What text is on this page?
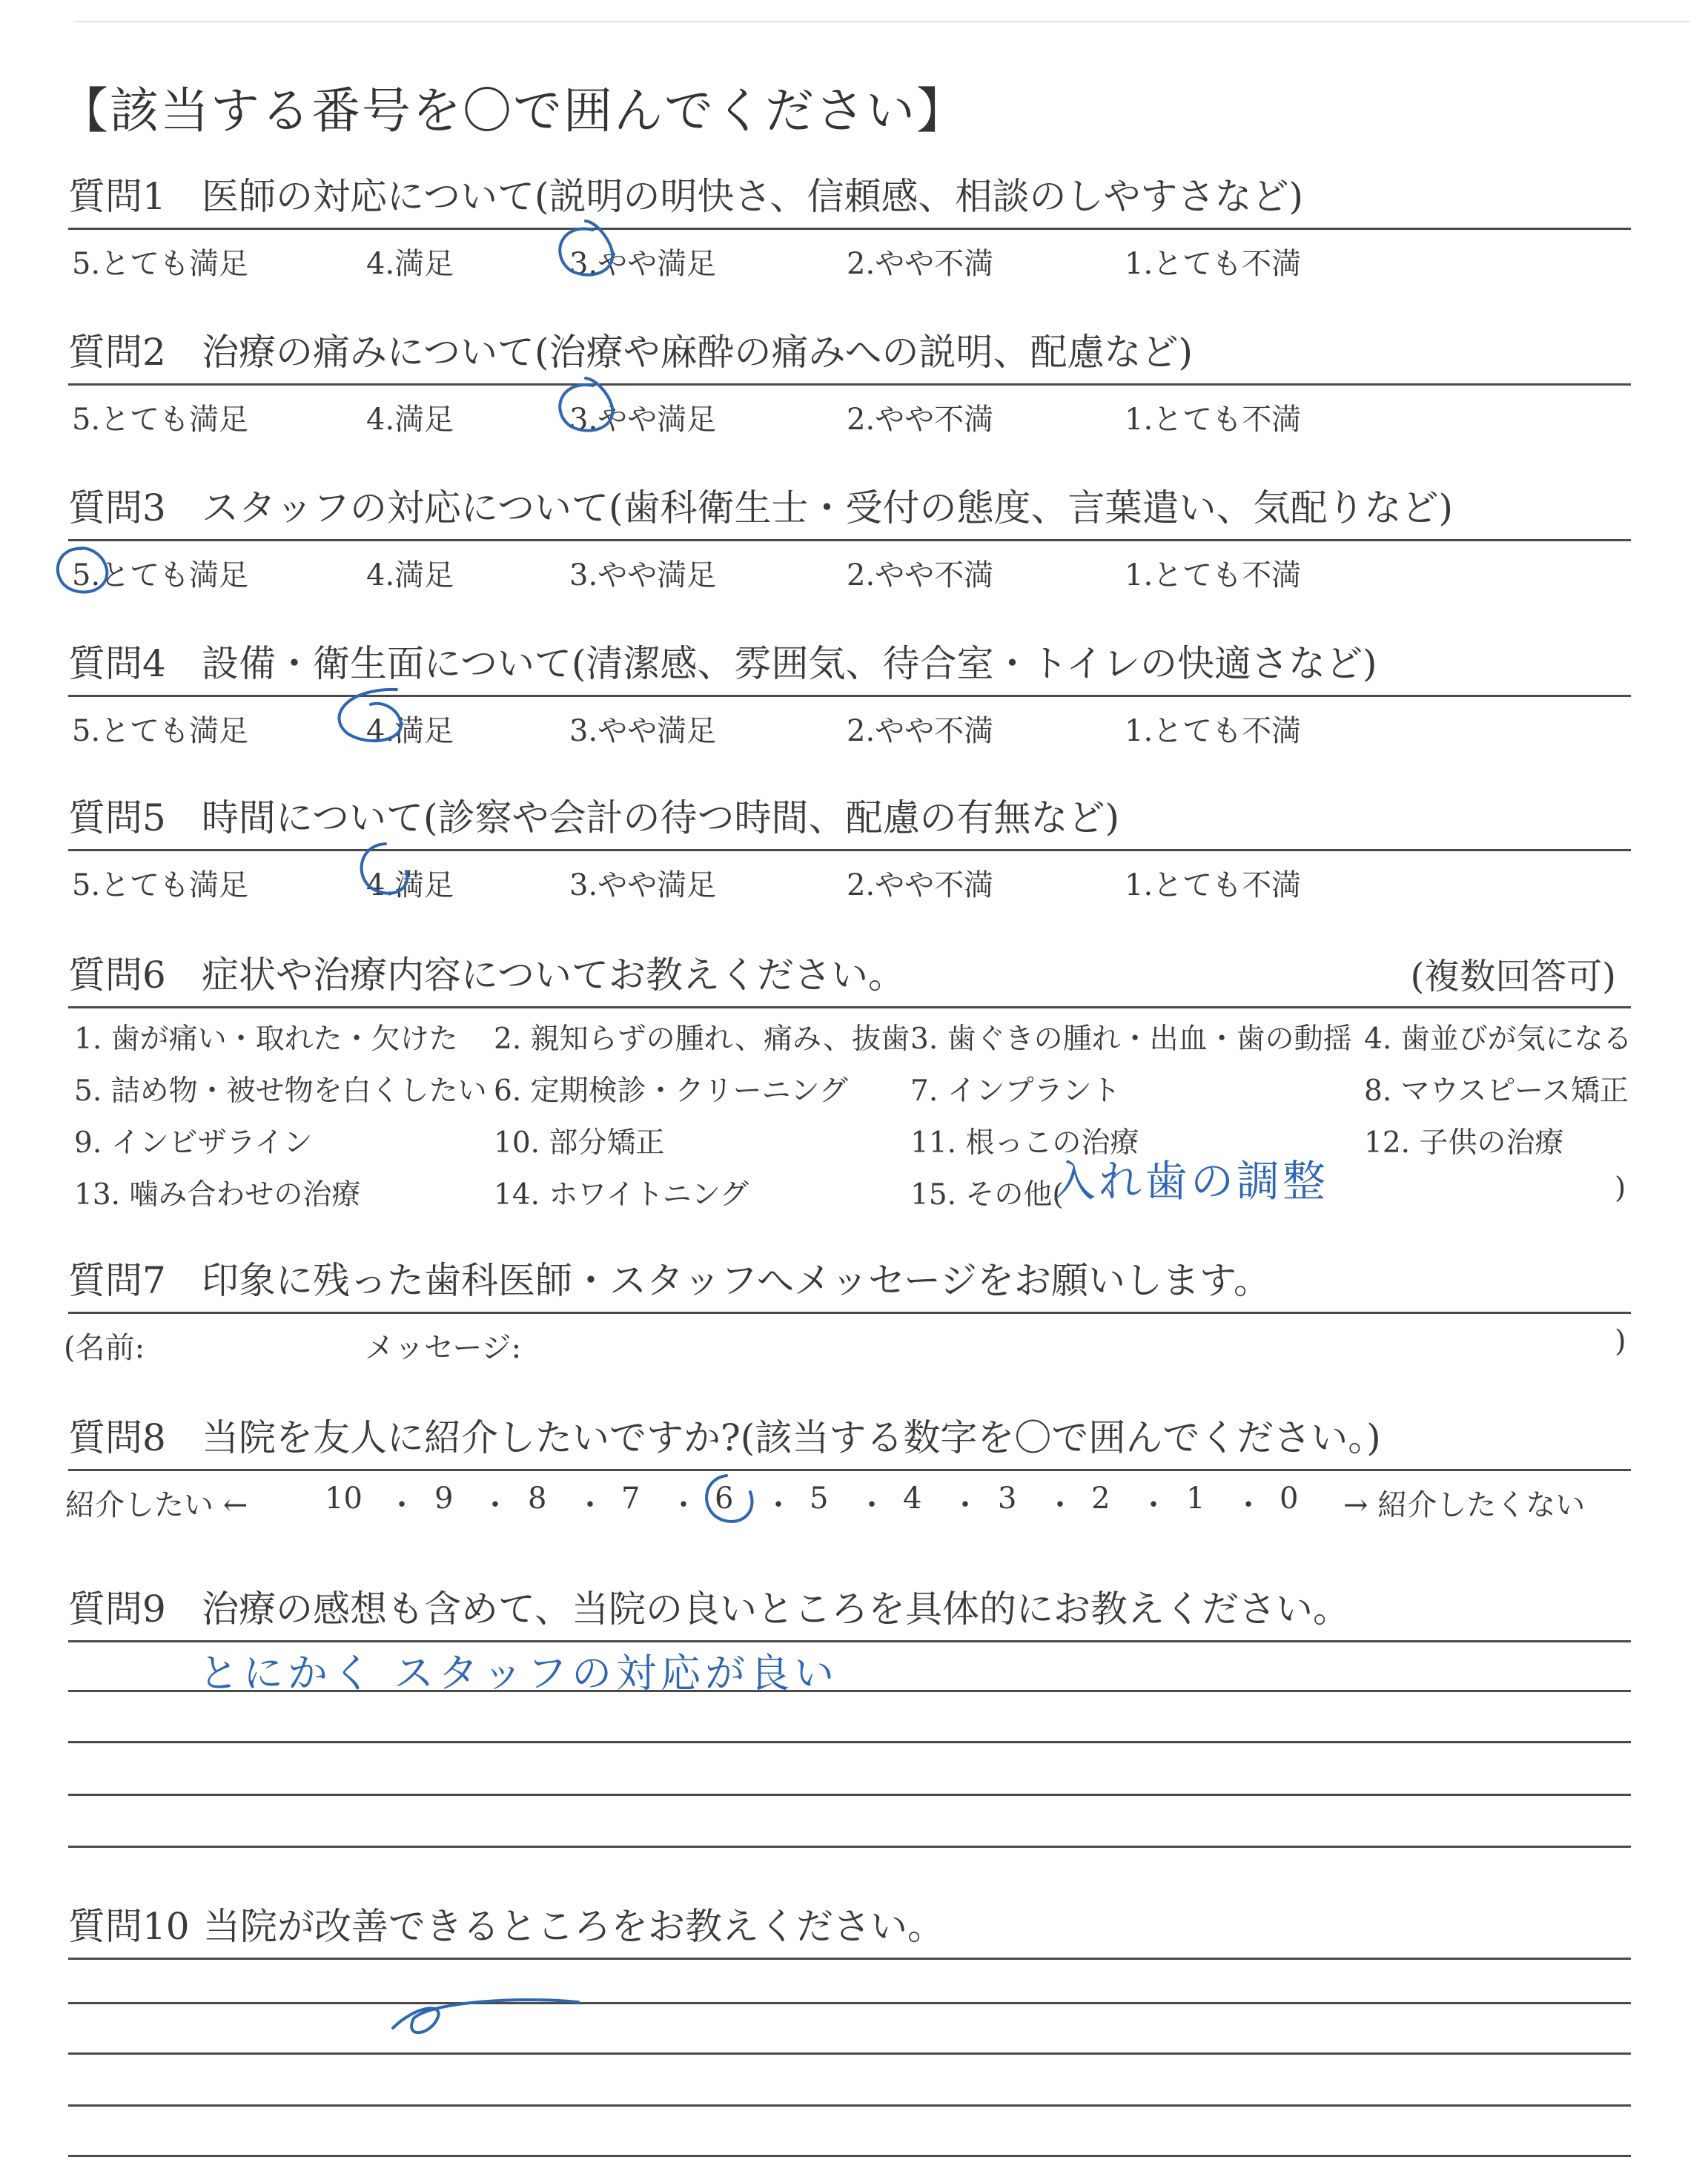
【該当する番号を〇で囲んでください】
質問1 医師の対応について(説明の明快さ、信頼感、相談のしやすさなど)
5.とても満足	4.満足	3.やや満足	2.やや不満	1.とても不満
質問2 治療の痛みについて(治療や麻酔の痛みへの説明、配慮など)
5.とても満足	4.満足	3.やや満足	2.やや不満	1.とても不満
質問3 スタッフの対応について(歯科衛生士・受付の態度、言葉遣い、気配りなど)
5.とても満足	4.満足	3.やや満足	2.やや不満	1.とても不満
質問4 設備・衛生面について(清潔感、雰囲気、待合室・トイレの快適さなど)
5.とても満足	4.満足	3.やや満足	2.やや不満	1.とても不満
質問5 時間について(診察や会計の待つ時間、配慮の有無など)
5.とても満足	4.満足	3.やや満足	2.やや不満	1.とても不満
質問6 症状や治療内容についてお教えください。	(複数回答可)
1. 歯が痛い・取れた・欠けた 2. 親知らずの腫れ、痛み、抜歯 3. 歯ぐきの腫れ・出血・歯の動揺 4. 歯並びが気になる
5. 詰め物・被せ物を白くしたい 6. 定期検診・クリーニング 7. インプラント	8. マウスピース矯正
9. インビザライン	10. 部分矯正	11. 根っこの治療	12. 子供の治療
13. 噛み合わせの治療	14. ホワイトニング	15. その他(	)
質問7 印象に残った歯科医師・スタッフへメッセージをお願いします。
(名前:	メッセージ:	)
質問8 当院を友人に紹介したいですか?(該当する数字を〇で囲んでください。)
紹介したい ←	10 ・ 9 ・ 8 ・ 7 ・ 6 ・ 5 ・ 4 ・ 3 ・ 2 ・ 1 ・ 0 → 紹介したくない
質問9 治療の感想も含めて、当院の良いところを具体的にお教えください。
質問10 当院が改善できるところをお教えください。
入れ歯の調整
とにかく スタッフの対応が良い
